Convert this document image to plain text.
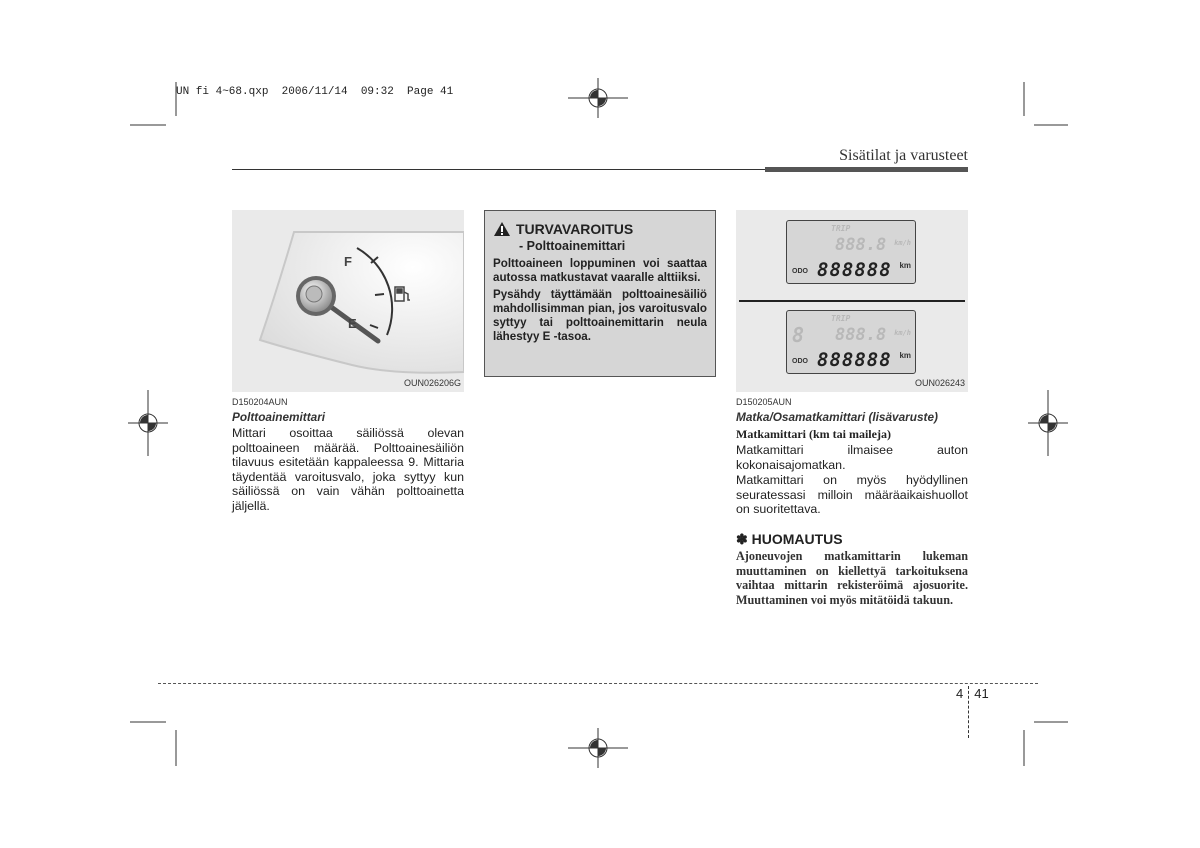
UN fi 4~68.qxp  2006/11/14  09:32  Page 41
Sisätilat ja varusteet
F
E
OUN026206G
D150204AUN
Polttoainemittari

Mittari osoittaa säiliössä olevan polttoaineen määrää. Polttoainesäiliön tilavuus esitetään kappaleessa 9. Mittaria täydentää varoitusvalo, joka syttyy kun säiliössä on vain vähän polttoainetta jäljellä.

TURVAVAROITUS
- Polttoainemittari

Polttoaineen loppuminen voi saattaa autossa matkustavat vaaralle alttiiksi.

Pysähdy täyttämään polttoainesäiliö mahdollisimman pian, jos varoitusvalo syttyy tai polttoainemittarin neula lähestyy E -tasoa.

TRIP
888.8 km/h
ODO 888888 km
8
TRIP
888.8 km/h
ODO 888888 km
OUN026243
D150205AUN
Matka/Osamatkamittari (lisävaruste)
Matkamittari (km tai maileja)

Matkamittari ilmaisee auton kokonaisajomatkan.

Matkamittari on myös hyödyllinen seuratessasi milloin määräaikaishuollot on suoritettava.

✽ HUOMAUTUS

Ajoneuvojen matkamittarin lukeman muuttaminen on kiellettyä tarkoituksena vaihtaa mittarin rekisteröimä ajosuorite. Muuttaminen voi myös mitätöidä takuun.

4 41
